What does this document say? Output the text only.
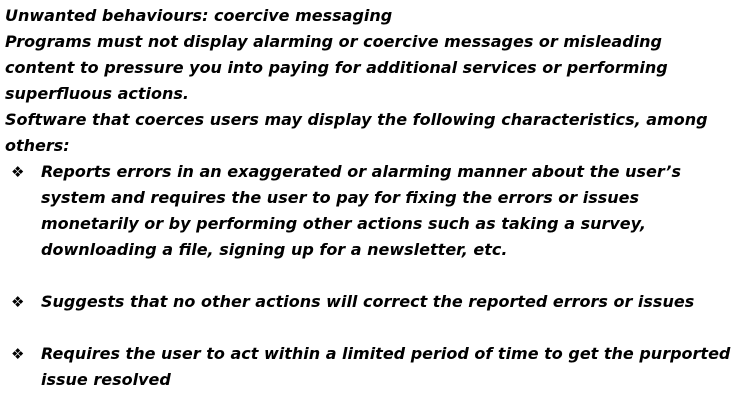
Unwanted behaviours: coercive messaging
Programs must not display alarming or coercive messages or misleading content to pressure you into paying for additional services or performing superfluous actions.
Software that coerces users may display the following characteristics, among others:
❖ Reports errors in an exaggerated or alarming manner about the user’s system and requires the user to pay for fixing the errors or issues monetarily or by performing other actions such as taking a survey, downloading a file, signing up for a newsletter, etc.
❖ Suggests that no other actions will correct the reported errors or issues
❖ Requires the user to act within a limited period of time to get the purported issue resolved
